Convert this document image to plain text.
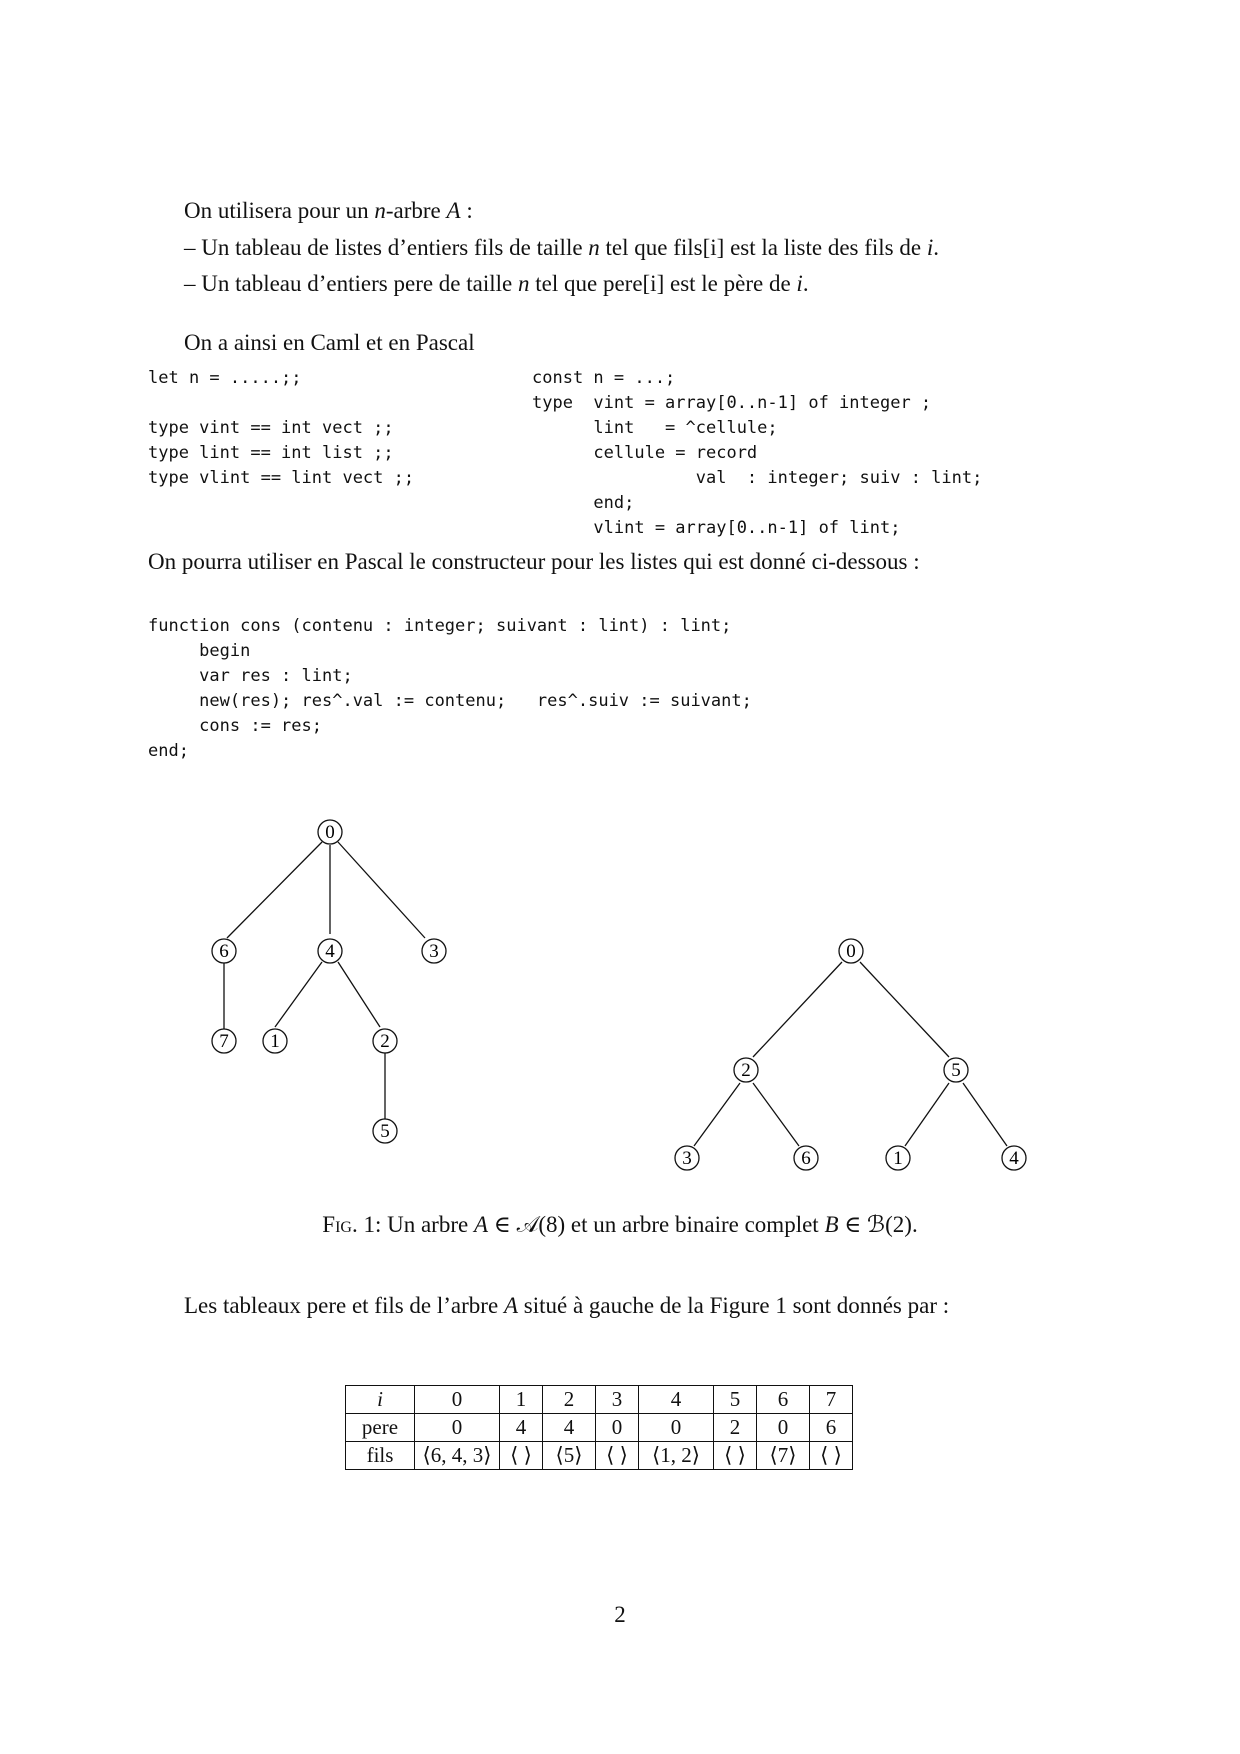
On utilisera pour un n-arbre A :
– Un tableau de listes d’entiers fils de taille n tel que fils[i] est la liste des fils de i.
– Un tableau d’entiers pere de taille n tel que pere[i] est le père de i.
On a ainsi en Caml et en Pascal
let n = .....;;

type vint == int vect ;;
type lint == int list ;;
type vlint == lint vect ;;
const n = ...;
type  vint = array[0..n-1] of integer ;
lint   = ^cellule;
cellule = record
val  : integer; suiv : lint;
end;
vlint = array[0..n-1] of lint;
On pourra utiliser en Pascal le constructeur pour les listes qui est donné ci-dessous :
function cons (contenu : integer; suivant : lint) : lint;
begin
var res : lint;
new(res); res^.val := contenu;   res^.suiv := suivant;
cons := res;
end;
0
6	4	3
7 1	2
5
0
2	5
3	6	1	4
Fig. 1: Un arbre A ∈ 𝒜(8) et un arbre binaire complet B ∈ ℬ(2).
Les tableaux pere et fils de l’arbre A situé à gauche de la Figure 1 sont donnés par :
i	0	1	2	3	4	5	6	7
pere	0	4	4	0	0	2	0	6
fils	⟨6, 4, 3⟩	⟨ ⟩	⟨5⟩	⟨ ⟩	⟨1, 2⟩	⟨ ⟩	⟨7⟩	⟨ ⟩
2
